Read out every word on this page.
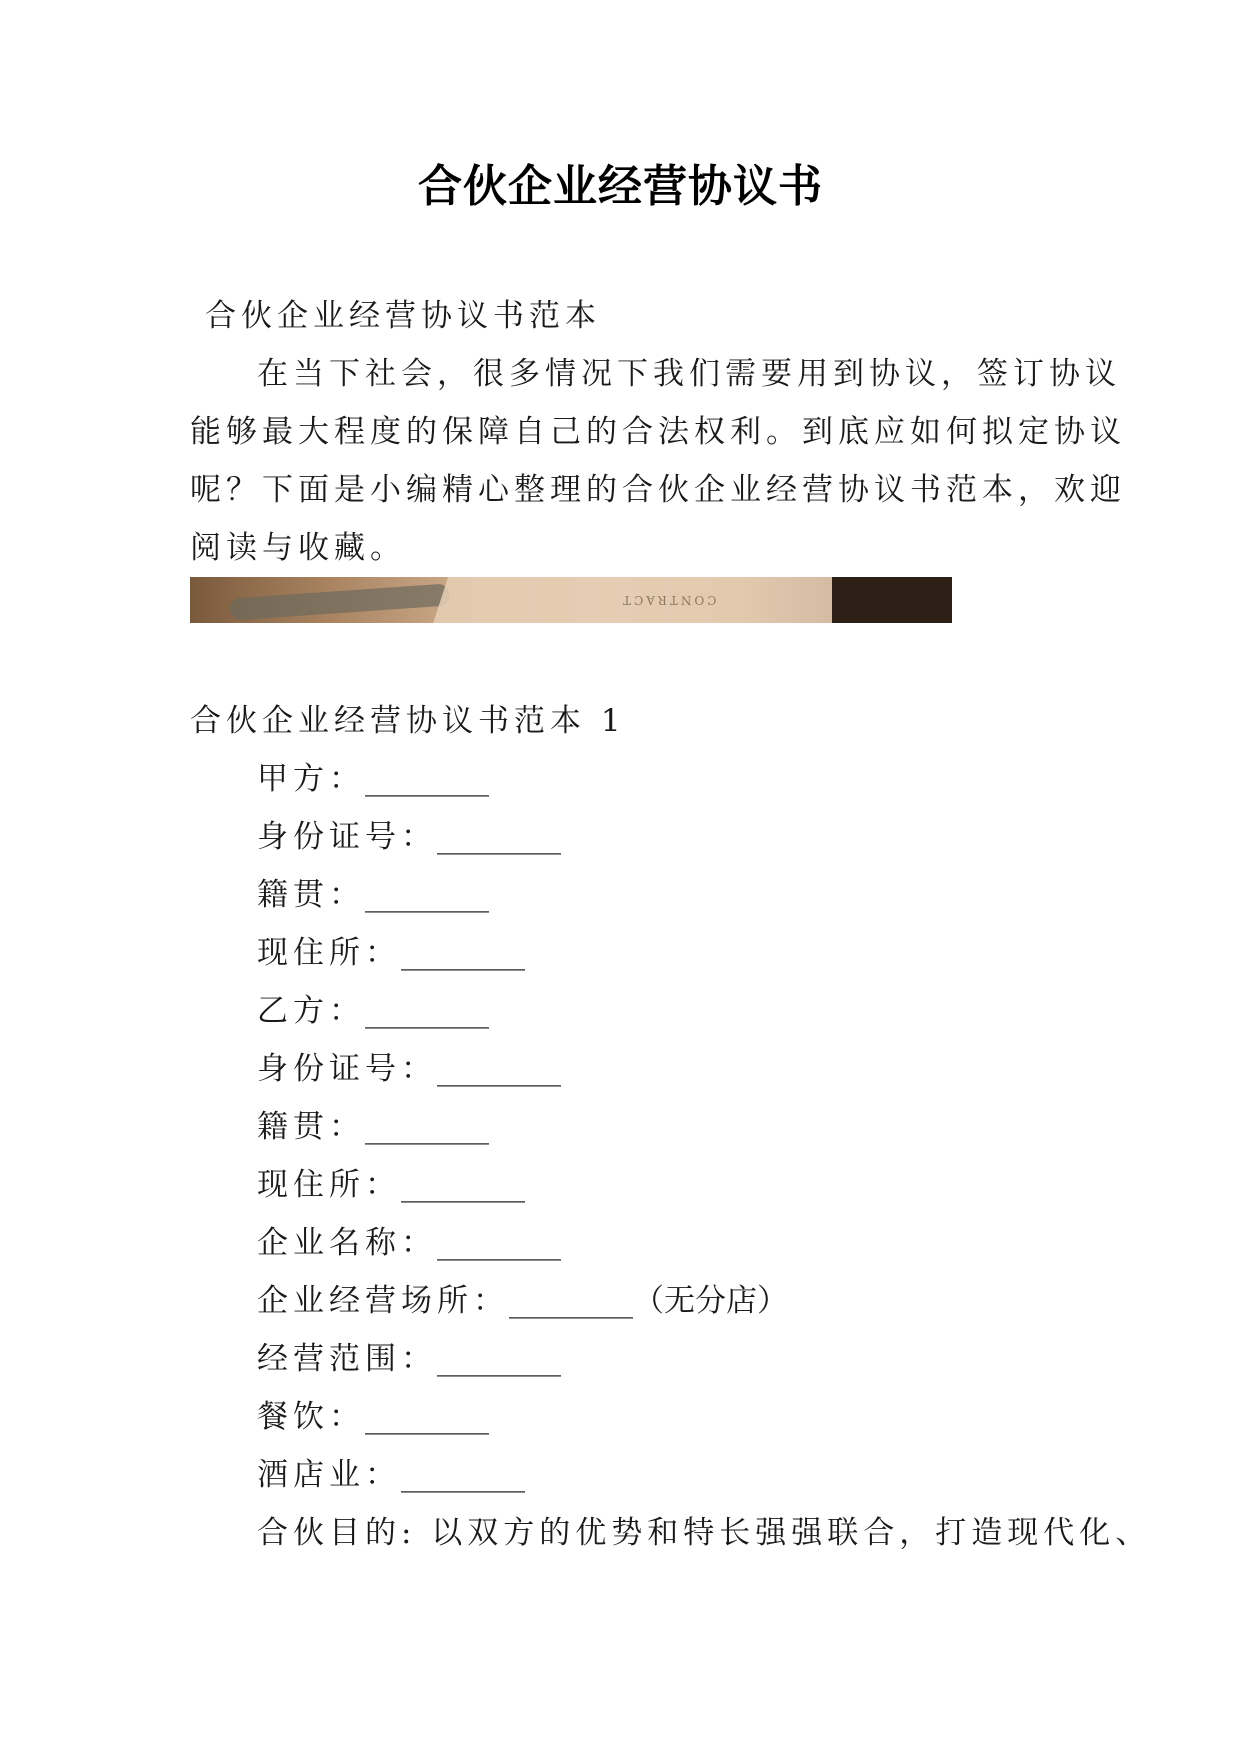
合伙企业经营协议书
合伙企业经营协议书范本
在当下社会，很多情况下我们需要用到协议，签订协议
能够最大程度的保障自己的合法权利。到底应如何拟定协议
呢？下面是小编精心整理的合伙企业经营协议书范本，欢迎
阅读与收藏。
CONTRACT
合伙企业经营协议书范本 1
甲方：________
身份证号：________
籍贯：________
现住所：________
乙方：________
身份证号：________
籍贯：________
现住所：________
企业名称：________
企业经营场所：________（无分店）
经营范围：________
餐饮：________
酒店业：________
合伙目的: 以双方的优势和特长强强联合，打造现代化、
